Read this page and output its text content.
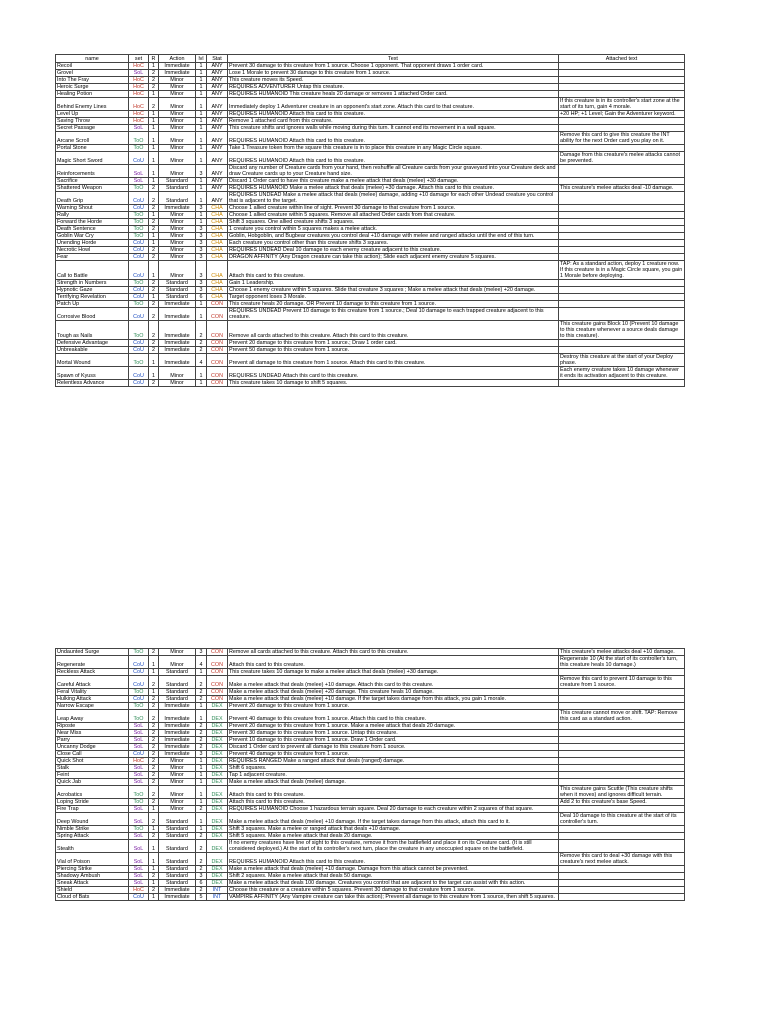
name	set	R	Action	lvl	Stat	Text	Attached text
Recoil	HoC	1	Immediate	1	ANY	Prevent 30 damage to this creature from 1 source. Choose 1 opponent. That opponent draws 1 order card.	
Grovel	SoL	2	Immediate	1	ANY	Lose 1 Morale to prevent 30 damage to this creature from 1 source.	
Into The Fray	HoC	2	Minor	1	ANY	This creature moves its Speed.	
Heroic Surge	HoC	2	Minor	1	ANY	REQUIRES ADVENTURER Untap this creature.	
Healing Potion	HoC	1	Minor	1	ANY	REQUIRES HUMANOID This creature heals 20 damage or removes 1 attached Order card.	
Behind Enemy Lines	HoC	2	Minor	1	ANY	Immediately deploy 1 Adventurer creature in an opponent's start zone. Attach this card to that creature.	If this creature is in its controller's start zone at the start of its turn, gain 4 morale.
Level Up	HoC	1	Minor	1	ANY	REQUIRES HUMANOID Attach this card to this creature.	+20 HP; +1 Level; Gain the Adventurer keyword.
Saving Throw	HoC	1	Minor	1	ANY	Remove 1 attached card from this creature.	
Secret Passage	SoL	1	Minor	1	ANY	This creature shifts and ignores walls while moving during this turn. It cannot end its movement in a wall square.	
Arcane Scroll	ToO	1	Minor	1	ANY	REQUIRES HUMANOID Attach this card to this creature.	Remove this card to give this creature the INT ability for the next Order card you play on it.
Portal Stone	ToO	1	Minor	1	ANY	Take 1 Treasure token from the square this creature is in to place this creature in any Magic Circle square.	
Magic Short Sword	CoU	1	Minor	1	ANY	REQUIRES HUMANOID Attach this card to this creature.	Damage from this creature's melee attacks cannot be prevented.
Reinforcements	SoL	1	Minor	3	ANY	Discard any number of Creature cards from your hand, then reshuffle all Creature cards from your graveyard into your Creature deck and draw Creature cards up to your Creature hand size.	
Sacrifice	SoL	1	Standard	1	ANY	Discard 1 Order card to have this creature make a melee attack that deals (melee) +30 damage.	
Shattered Weapon	ToO	2	Standard	1	ANY	REQUIRES HUMANOID Make a melee attack that deals (melee) +30 damage. Attach this card to this creature.	This creature's melee attacks deal -10 damage.
Death Grip	CoU	2	Standard	1	ANY	REQUIRES UNDEAD Make a melee attack that deals (melee) damage, adding +10 damage for each other Undead creature you control that is adjacent to the target.	
Warning Shout	CoU	2	Immediate	3	CHA	Choose 1 allied creature within line of sight. Prevent 30 damage to that creature from 1 source.	
Rally	ToO	1	Minor	1	CHA	Choose 1 allied creature within 5 squares. Remove all attached Order cards from that creature.	
Forward the Horde	ToO	2	Minor	1	CHA	Shift 3 squares. One allied creature shifts 3 squares.	
Death Sentence	ToO	2	Minor	3	CHA	1 creature you control within 5 squares makes a melee attack.	
Goblin War Cry	ToO	1	Minor	3	CHA	Goblin, Hobgoblin, and Bugbear creatures you control deal +10 damage with melee and ranged attacks until the end of this turn.	
Unending Horde	CoU	1	Minor	3	CHA	Each creature you control other than this creature shifts 3 squares.	
Necrotic Howl	CoU	2	Minor	3	CHA	REQUIRES UNDEAD Deal 10 damage to each enemy creature adjacent to this creature.	
Fear	CoU	2	Minor	3	CHA	DRAGON AFFINITY (Any Dragon creature can take this action); Slide each adjacent enemy creature 5 squares.	
Call to Battle	CoU	1	Minor	3	CHA	Attach this card to this creature.	TAP: As a standard action, deploy 1 creature now. If this creature is in a Magic Circle square, you gain 1 Morale before deploying.
Strength in Numbers	ToO	2	Standard	3	CHA	Gain 1 Leadership.	
Hypnotic Gaze	CoU	2	Standard	3	CHA	Choose 1 enemy creature within 5 squares. Slide that creature 3 squares ; Make a melee attack that deals (melee) +20 damage.	
Terrifying Revelation	CoU	1	Standard	6	CHA	Target opponent loses 3 Morale.	
Patch Up	ToO	2	Immediate	1	CON	This creature heals 20 damage. OR Prevent 10 damage to this creature from 1 source.	
Corrosive Blood	CoU	2	Immediate	1	CON	REQUIRES UNDEAD Prevent 10 damage to this creature from 1 source.; Deal 10 damage to each trapped creature adjacent to this creature.	
Tough as Nails	ToO	2	Immediate	2	CON	Remove all cards attached to this creature. Attach this card to this creature.	This creature gains Block 10 (Prevent 10 damage to this creature whenever a source deals damage to this creature).
Defensive Advantage	CoU	2	Immediate	2	CON	Prevent 20 damage to this creature from 1 source.; Draw 1 order card.	
Unbreakable	CoU	2	Immediate	2	CON	Prevent 50 damage to this creature from 1 source.	
Mortal Wound	ToO	1	Immediate	4	CON	Prevent all damage to this creature from 1 source. Attach this card to this creature.	Destroy this creature at the start of your Deploy phase.
Spawn of Kyuss	CoU	1	Minor	1	CON	REQUIRES UNDEAD Attach this card to this creature.	Each enemy creature takes 10 damage whenever it ends its activation adjacent to this creature.
Relentless Advance	CoU	2	Minor	1	CON	This creature takes 10 damage to shift 5 squares.	
Undaunted Surge	ToO	2	Minor	3	CON	Remove all cards attached to this creature. Attach this card to this creature.	This creature's melee attacks deal +10 damage.
Regenerate	CoU	1	Minor	4	CON	Attach this card to this creature.	Regenerate 10 (At the start of its controller's turn, this creature heals 10 damage.)
Reckless Attack	CoU	1	Standard	1	CON	This creature takes 10 damage to make a melee attack that deals (melee) +30 damage.	
Careful Attack	CoU	2	Standard	2	CON	Make a melee attack that deals (melee) +10 damage. Attach this card to this creature.	Remove this card to prevent 10 damage to this creature from 1 source.
Feral Vitality	ToO	1	Standard	2	CON	Make a melee attack that deals (melee) +20 damage. This creature heals 10 damage.	
Hulking Attack	CoU	2	Standard	2	CON	Make a melee attack that deals (melee) +10 damage. If the target takes damage from this attack, you gain 1 morale.	
Narrow Escape	ToO	2	Immediate	1	DEX	Prevent 20 damage to this creature from 1 source.	
Leap Away	ToO	2	Immediate	1	DEX	Prevent 40 damage to this creature from 1 source. Attach this card to this creature.	This creature cannot move or shift. TAP: Remove this card as a standard action.
Riposte	SoL	2	Immediate	2	DEX	Prevent 20 damage to this creature from 1 source. Make a melee attack that deals 20 damage.	
Near Miss	SoL	2	Immediate	2	DEX	Prevent 30 damage to this creature from 1 source. Untap this creature.	
Parry	SoL	2	Immediate	2	DEX	Prevent 10 damage to this creature from 1 source. Draw 1 Order card.	
Uncanny Dodge	SoL	2	Immediate	2	DEX	Discard 1 Order card to prevent all damage to this creature from 1 source.	
Close Call	CoU	2	Immediate	3	DEX	Prevent 40 damage to this creature from 1 source.	
Quick Shot	HoC	2	Minor	1	DEX	REQUIRES RANGED Make a ranged attack that deals (ranged) damage.	
Stalk	SoL	2	Minor	1	DEX	Shift 6 squares.	
Feint	SoL	2	Minor	1	DEX	Tap 1 adjacent creature.	
Quick Jab	SoL	2	Minor	1	DEX	Make a melee attack that deals (melee) damage.	
Acrobatics	ToO	2	Minor	1	DEX	Attach this card to this creature.	This creature gains Scuttle (This creature shifts when it moves) and ignores difficult terrain.
Loping Stride	ToO	2	Minor	1	DEX	Attach this card to this creature.	Add 2 to this creature's base Speed.
Fire Trap	SoL	1	Minor	2	DEX	REQUIRES HUMANOID Choose 1 hazardous terrain square. Deal 20 damage to each creature within 2 squares of that square.	
Deep Wound	SoL	2	Standard	1	DEX	Make a melee attack that deals (melee) +10 damage. If the target takes damage from this attack, attach this card to it.	Deal 10 damage to this creature at the start of its controller's turn.
Nimble Strike	ToO	1	Standard	1	DEX	Shift 3 squares. Make a melee or ranged attack that deals +10 damage.	
Spring Attack	SoL	2	Standard	2	DEX	Shift 5 squares. Make a melee attack that deals 20 damage.	
Stealth	SoL	1	Standard	2	DEX	If no enemy creatures have line of sight to this creature, remove it from the battlefield and place it on its Creature card. (It is still considered deployed.) At the start of its controller's next turn, place the creature in any unoccupied square on the battlefield.	
Vial of Poison	SoL	1	Standard	2	DEX	REQUIRES HUMANOID Attach this card to this creature.	Remove this card to deal +30 damage with this creature's next melee attack.
Piercing Strike	SoL	1	Standard	2	DEX	Make a melee attack that deals (melee) +10 damage. Damage from this attack cannot be prevented.	
Shadowy Ambush	SoL	2	Standard	3	DEX	Shift 2 squares. Make a melee attack that deals 50 damage.	
Sneak Attack	SoL	1	Standard	6	DEX	Make a melee attack that deals 100 damage. Creatures you control that are adjacent to the target can assist with this action.	
Shield	HoC	2	Immediate	2	INT	Choose this creature or a creature within 5 squares. Prevent 30 damage to that creature from 1 source.	
Cloud of Bats	CoU	1	Immediate	5	INT	VAMPIRE AFFINITY (Any Vampire creature can take this action); Prevent all damage to this creature from 1 source, then shift 5 squares.	
